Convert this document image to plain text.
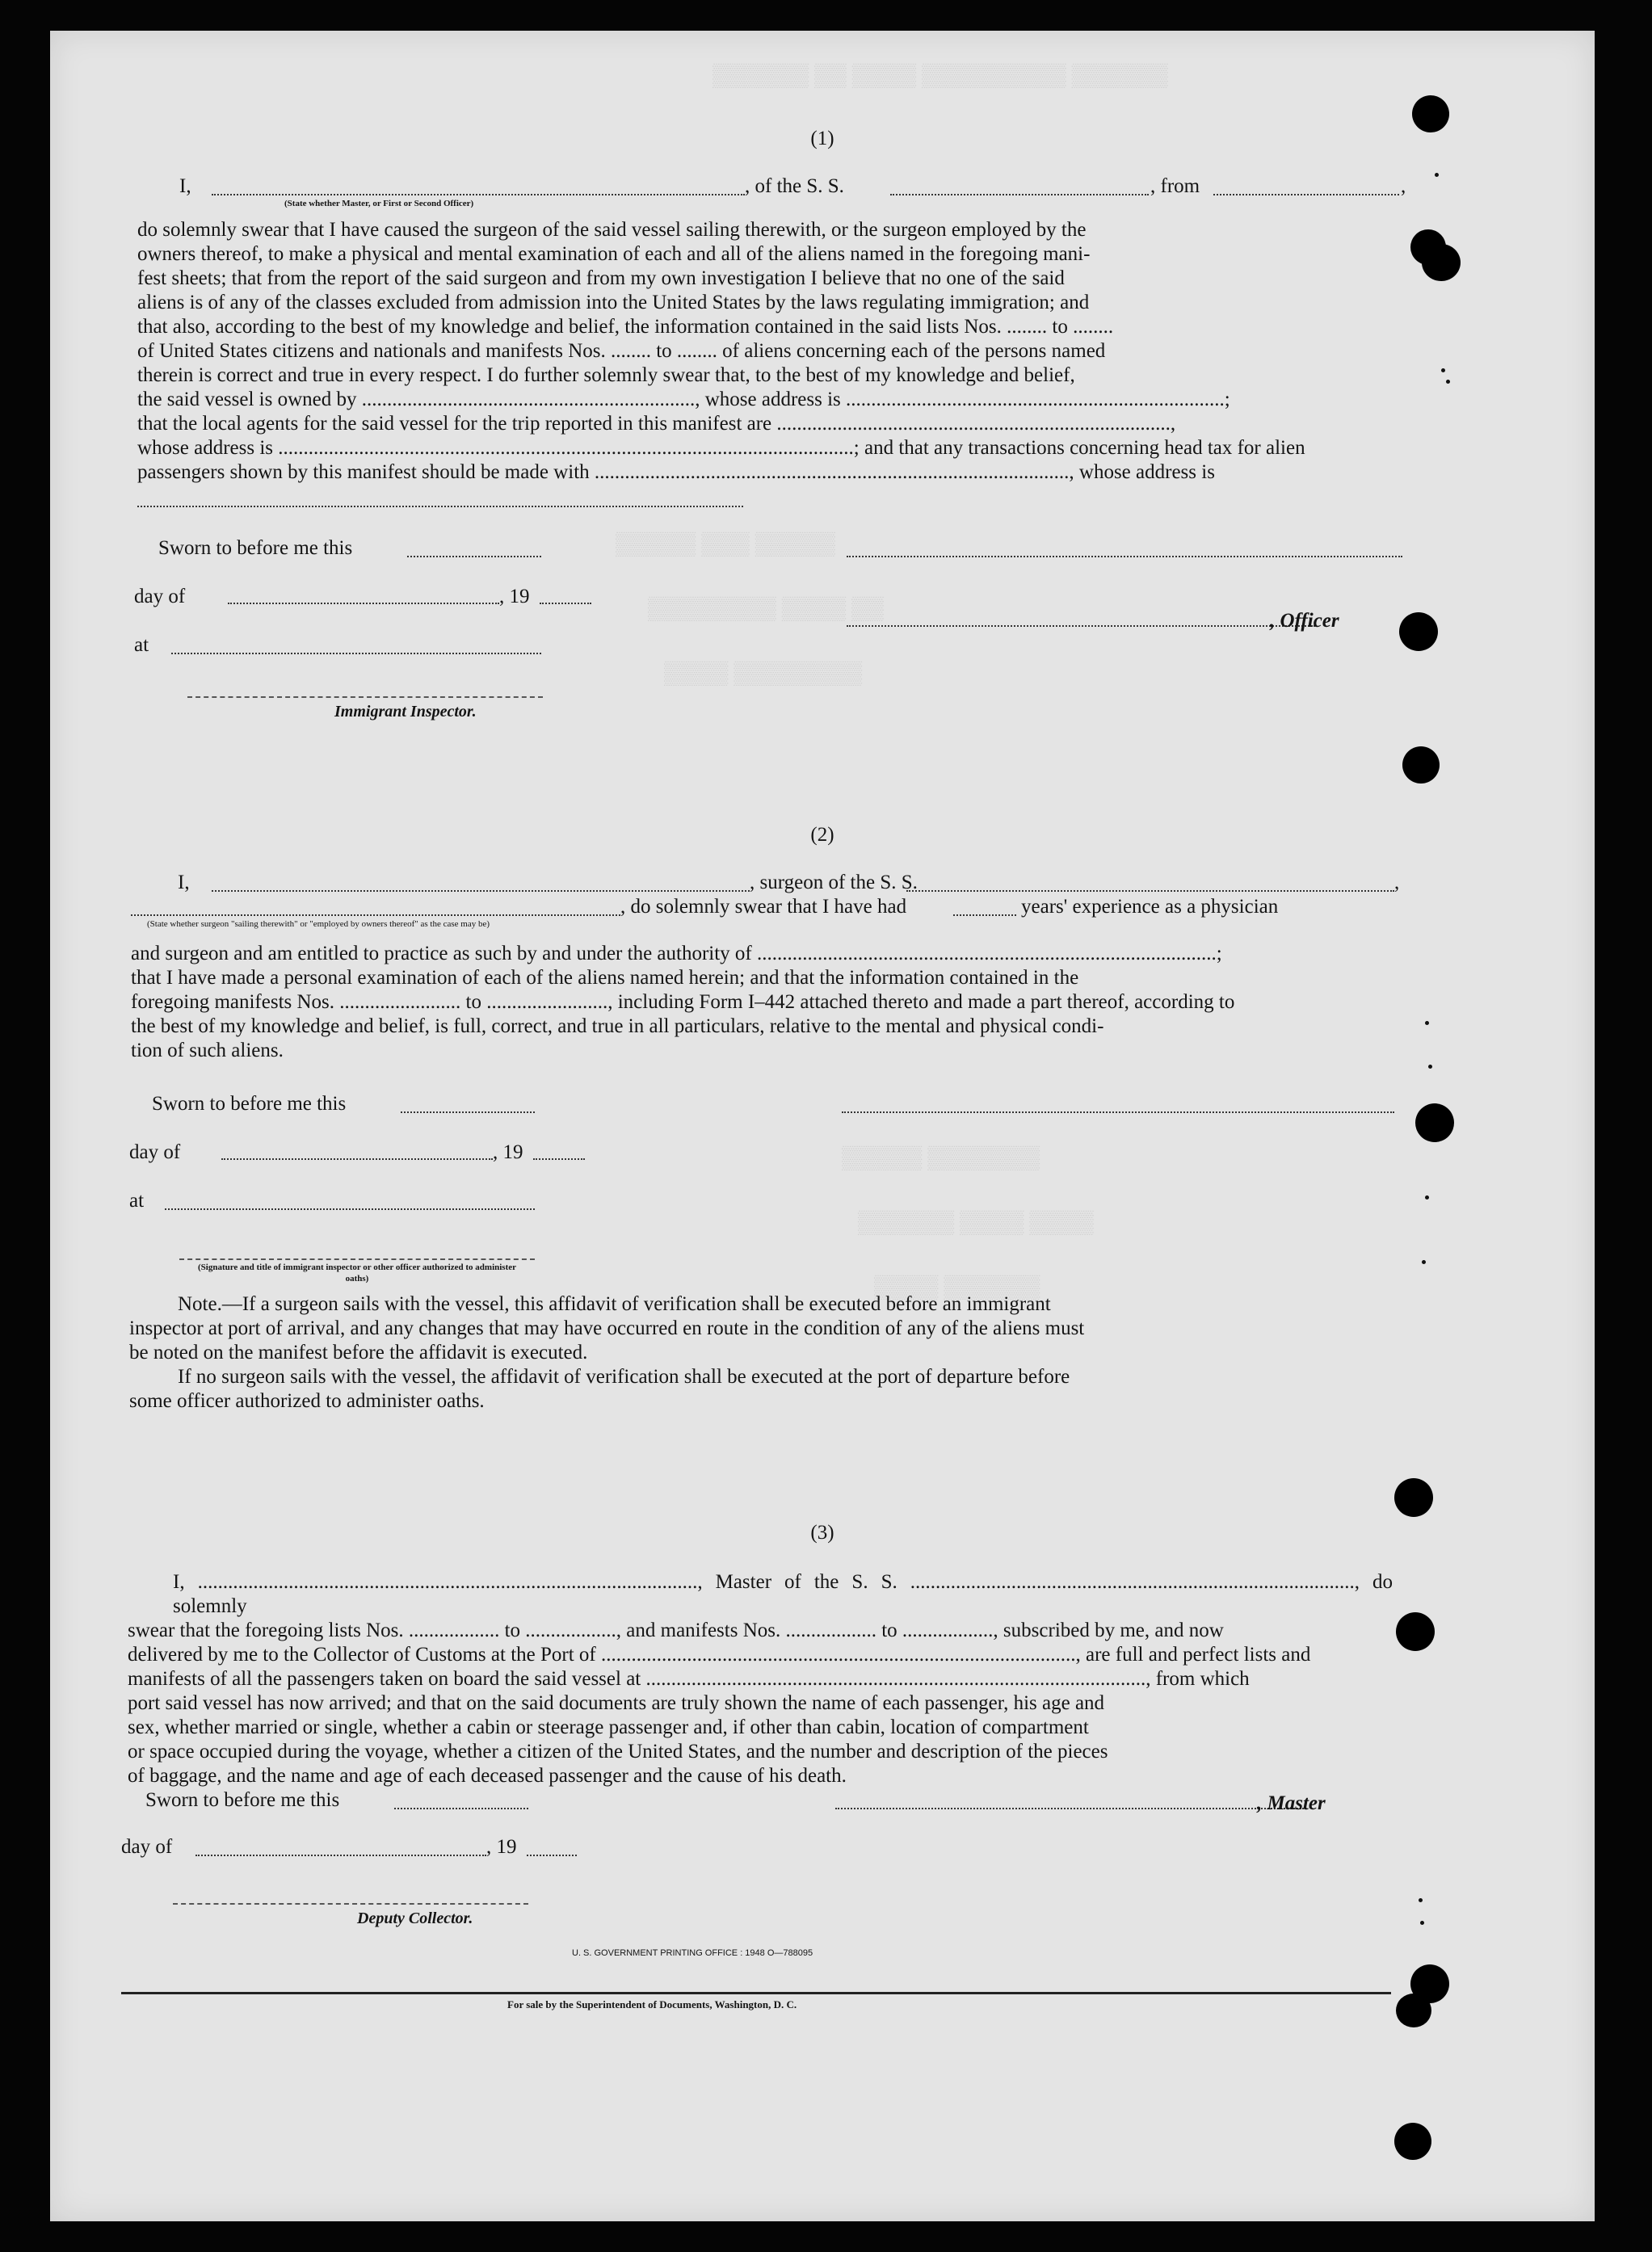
▒▒▒▒▒▒ ▒▒ ▒▒▒▒ ▒▒▒▒▒▒▒▒▒ ▒▒▒▒▒▒
▒▒▒▒▒ ▒▒▒ ▒▒▒▒▒
▒▒▒▒▒▒▒▒ ▒▒▒▒ ▒▒
▒▒▒▒ ▒▒▒▒▒▒▒▒
▒▒▒▒▒ ▒▒▒▒▒▒▒
▒▒▒▒▒▒ ▒▒▒▒ ▒▒▒▒
▒▒▒▒ ▒▒▒▒▒▒
(1)
I,	, of the S. S.	, from	,
(State whether Master, or First or Second Officer)

do solemnly swear that I have caused the surgeon of the said vessel sailing therewith, or the surgeon employed by the

owners thereof, to make a physical and mental examination of each and all of the aliens named in the foregoing mani-

fest sheets; that from the report of the said surgeon and from my own investigation I believe that no one of the said

aliens is of any of the classes excluded from admission into the United States by the laws regulating immigration; and

that also, according to the best of my knowledge and belief, the information contained in the said lists Nos. ........ to ........

of United States citizens and nationals and manifests Nos. ........ to ........ of aliens concerning each of the persons named

therein is correct and true in every respect. I do further solemnly swear that, to the best of my knowledge and belief,

the said vessel is owned by .................................................................., whose address is ...........................................................................;

that the local agents for the said vessel for the trip reported in this manifest are ..............................................................................,

whose address is ..................................................................................................................; and that any transactions concerning head tax for alien

passengers shown by this manifest should be made with .............................................................................................., whose address is

Sworn to before me this
day of	, 19
, Officer
at
Immigrant Inspector.
(2)
I,	, surgeon of the S. S.	,
, do solemnly swear that I have had	years' experience as a physician
(State whether surgeon "sailing therewith" or "employed by owners thereof" as the case may be)

and surgeon and am entitled to practice as such by and under the authority of ...........................................................................................;

that I have made a personal examination of each of the aliens named herein; and that the information contained in the

foregoing manifests Nos. ........................ to ........................, including Form I–442 attached thereto and made a part thereof, according to

the best of my knowledge and belief, is full, correct, and true in all particulars, relative to the mental and physical condi-

tion of such aliens.

Sworn to before me this
day of	, 19
at
(Signature and title of immigrant inspector or other officer authorized to administer oaths)

Note.—If a surgeon sails with the vessel, this affidavit of verification shall be executed before an immigrant

inspector at port of arrival, and any changes that may have occurred en route in the condition of any of the aliens must

be noted on the manifest before the affidavit is executed.

If no surgeon sails with the vessel, the affidavit of verification shall be executed at the port of departure before

some officer authorized to administer oaths.

(3)

I, ..................................................................................................., Master of the S. S. ........................................................................................, do solemnly

swear that the foregoing lists Nos. .................. to .................., and manifests Nos. .................. to .................., subscribed by me, and now

delivered by me to the Collector of Customs at the Port of .............................................................................................., are full and perfect lists and

manifests of all the passengers taken on board the said vessel at ..................................................................................................., from which

port said vessel has now arrived; and that on the said documents are truly shown the name of each passenger, his age and

sex, whether married or single, whether a cabin or steerage passenger and, if other than cabin, location of compartment

or space occupied during the voyage, whether a citizen of the United States, and the number and description of the pieces

of baggage, and the name and age of each deceased passenger and the cause of his death.

Sworn to before me this	, Master
day of	, 19
Deputy Collector.
U. S. GOVERNMENT PRINTING OFFICE : 1948 O—788095
For sale by the Superintendent of Documents, Washington, D. C.
